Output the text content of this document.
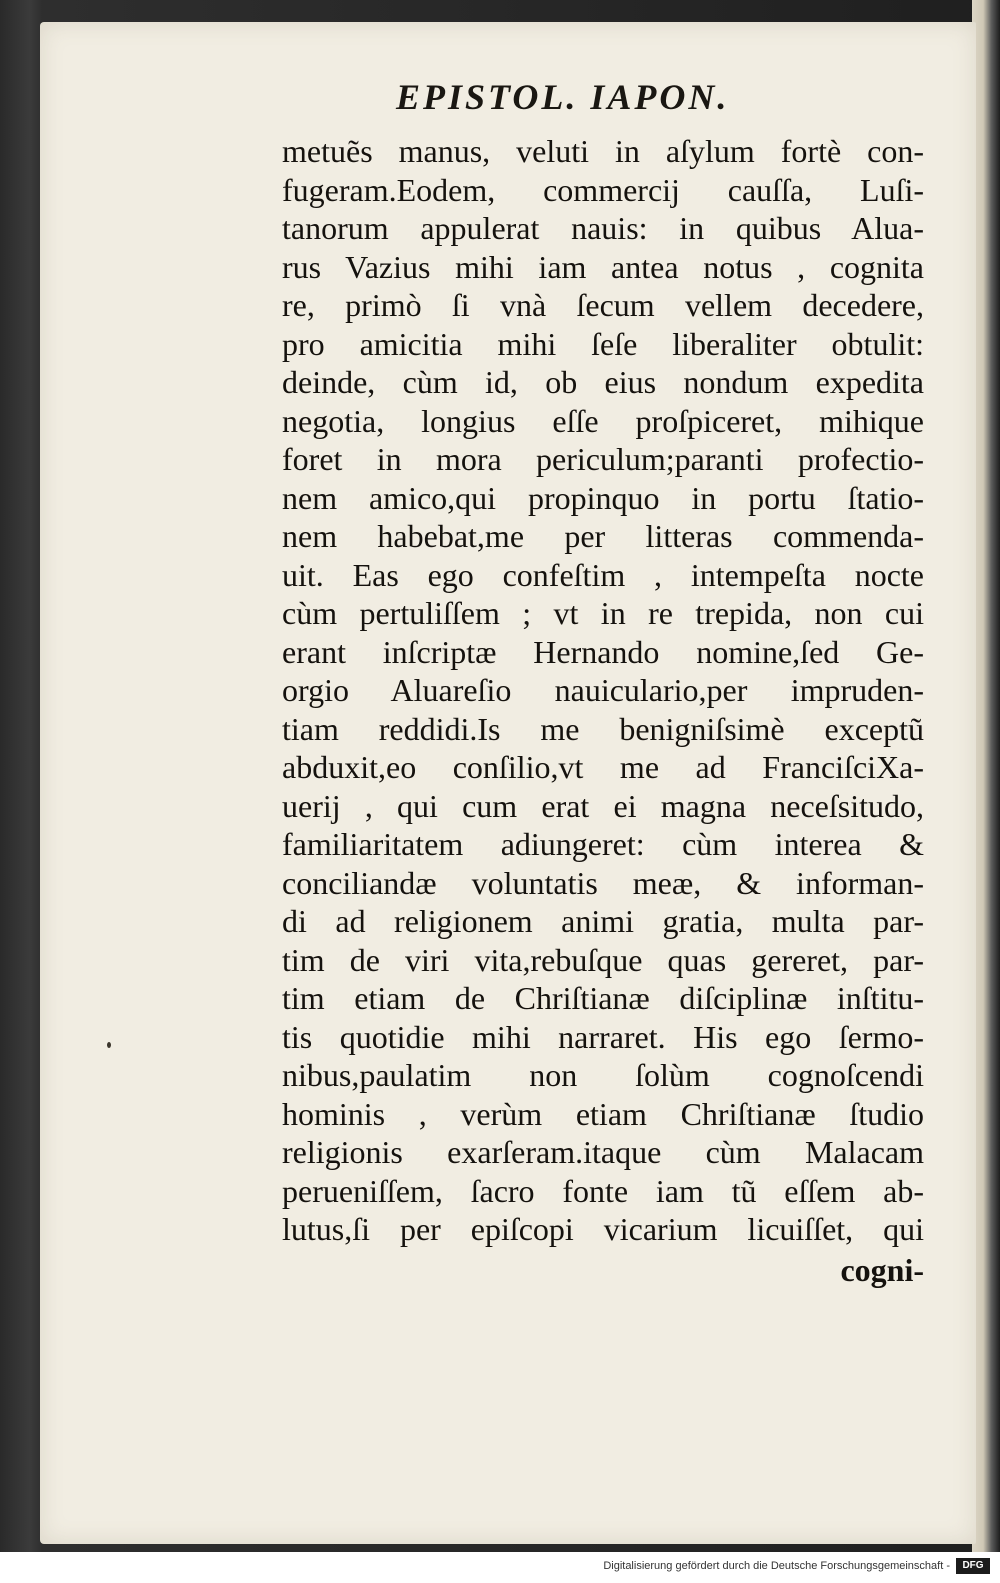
EPISTOL. IAPON.
metuẽs manus, veluti in aſylum fortè con-
fugeram.Eodem, commercij cauſſa, Luſi-
tanorum appulerat nauis: in quibus Alua-
rus Vazius mihi iam antea notus , cognita
re, primò ſi vnà ſecum vellem decedere,
pro amicitia mihi ſeſe liberaliter obtulit:
deinde, cùm id, ob eius nondum expedita
negotia, longius eſſe proſpiceret, mihique
foret in mora periculum;paranti profectio-
nem amico,qui propinquo in portu ſtatio-
nem habebat,me per litteras commenda-
uit. Eas ego confeſtim , intempeſta nocte
cùm pertuliſſem ; vt in re trepida, non cui
erant inſcriptæ Hernando nomine,ſed Ge-
orgio Aluareſio nauiculario,per impruden-
tiam reddidi.Is me benigniſsimè exceptũ
abduxit,eo conſilio,vt me ad FranciſciXa-
uerij , qui cum erat ei magna neceſsitudo,
familiaritatem adiungeret: cùm interea &
conciliandæ voluntatis meæ, & informan-
di ad religionem animi gratia, multa par-
tim de viri vita,rebuſque quas gereret, par-
tim etiam de Chriſtianæ diſciplinæ inſtitu-
tis quotidie mihi narraret. His ego ſermo-
nibus,paulatim non ſolùm cognoſcendi
hominis , verùm etiam Chriſtianæ ſtudio
religionis exarſeram.itaque cùm Malacam
perueniſſem, ſacro fonte iam tũ eſſem ab-
lutus,ſi per epiſcopi vicarium licuiſſet, qui
cogni-
Digitalisierung gefördert durch die Deutsche Forschungsgemeinschaft -	DFG
